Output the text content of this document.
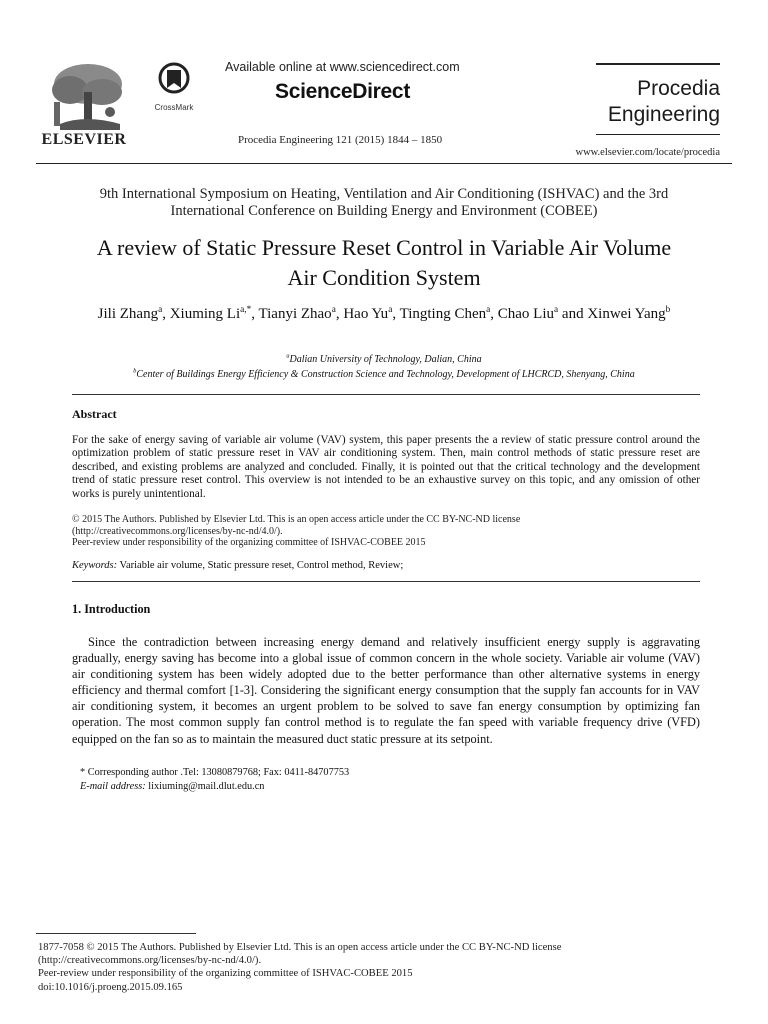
ELSEVIER
CrossMark
Available online at www.sciencedirect.com
ScienceDirect
Procedia Engineering 121 (2015) 1844 – 1850
Procedia
Engineering
www.elsevier.com/locate/procedia
9th International Symposium on Heating, Ventilation and Air Conditioning (ISHVAC) and the 3rd
International Conference on Building Energy and Environment (COBEE)
A review of Static Pressure Reset Control in Variable Air Volume
Air Condition System
Jili Zhang$^a$, Xiuming $Li^{a,*}$, Tianyi Zhao$^a$, Hao Yu$^a$, Tingting Chen$^a$, Chao Liu$^a$ and Xinwei Yang$^b$
$^a$Dalian University of Technology, Dalian, China
$^b$Center of Buildings Energy Efficiency & Construction Science and Technology, Development of LHCRCD, Shenyang, China
Abstract
For the sake of energy saving of variable air volume (VAV) system, this paper presents the a review of static pressure control around the optimization problem of static pressure reset in VAV air conditioning system. Then, main control methods of static pressure reset are described, and existing problems are analyzed and concluded. Finally, it is pointed out that the critical technology and the development trend of static pressure reset control. This overview is not intended to be an exhaustive survey on this topic, and any omission of other works is purely unintentional.
© 2015 The Authors. Published by Elsevier Ltd. This is an open access article under the CC BY-NC-ND license
(http://creativecommons.org/licenses/by-nc-nd/4.0/).
Peer-review under responsibility of the organizing committee of ISHVAC-COBEE 2015
Keywords: Variable air volume, Static pressure reset, Control method, Review;
1. Introduction
Since the contradiction between increasing energy demand and relatively insufficient energy supply is aggravating gradually, energy saving has become into a global issue of common concern in the whole society. Variable air volume (VAV) air conditioning system has been widely adopted due to the better performance than other alternative systems in energy efficiency and thermal comfort [1-3]. Considering the significant energy consumption that the supply fan accounts for in VAV air conditioning system, it becomes an urgent problem to be solved to save fan energy consumption by optimizing fan operation. The most common supply fan control method is to regulate the fan speed with variable frequency drive (VFD) equipped on the fan so as to maintain the measured duct static pressure at its setpoint.
* Corresponding author .Tel: 13080879768; Fax: 0411-84707753
E-mail address: lixiuming@mail.dlut.edu.cn
1877-7058 © 2015 The Authors. Published by Elsevier Ltd. This is an open access article under the CC BY-NC-ND license
(http://creativecommons.org/licenses/by-nc-nd/4.0/).
Peer-review under responsibility of the organizing committee of ISHVAC-COBEE 2015
doi:10.1016/j.proeng.2015.09.165
